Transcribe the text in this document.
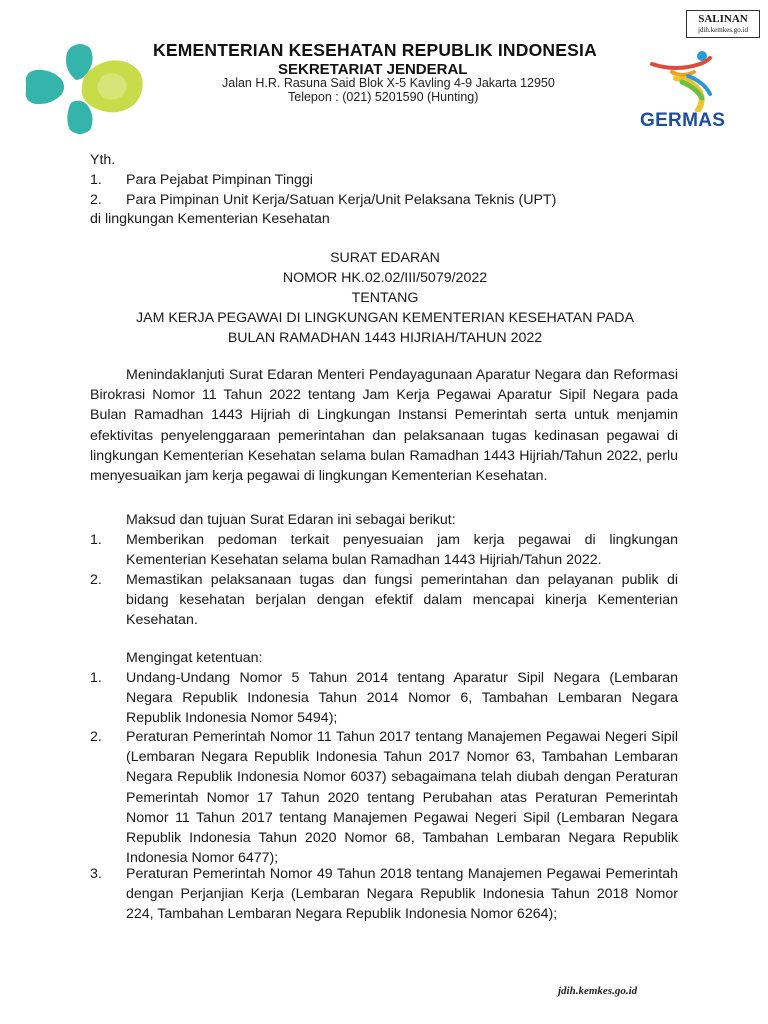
KEMENTERIAN KESEHATAN REPUBLIK INDONESIA
SEKRETARIAT JENDERAL
Jalan H.R. Rasuna Said Blok X-5 Kavling 4-9 Jakarta 12950
Telepon : (021) 5201590 (Hunting)
SALINAN
jdih.kemkes.go.id
GERMAS
Yth.
1. Para Pejabat Pimpinan Tinggi
2. Para Pimpinan Unit Kerja/Satuan Kerja/Unit Pelaksana Teknis (UPT)
di lingkungan Kementerian Kesehatan
SURAT EDARAN
NOMOR HK.02.02/III/5079/2022
TENTANG
JAM KERJA PEGAWAI DI LINGKUNGAN KEMENTERIAN KESEHATAN PADA
BULAN RAMADHAN 1443 HIJRIAH/TAHUN 2022
Menindaklanjuti Surat Edaran Menteri Pendayagunaan Aparatur Negara dan Reformasi Birokrasi Nomor 11 Tahun 2022 tentang Jam Kerja Pegawai Aparatur Sipil Negara pada Bulan Ramadhan 1443 Hijriah di Lingkungan Instansi Pemerintah serta untuk menjamin efektivitas penyelenggaraan pemerintahan dan pelaksanaan tugas kedinasan pegawai di lingkungan Kementerian Kesehatan selama bulan Ramadhan 1443 Hijriah/Tahun 2022, perlu menyesuaikan jam kerja pegawai di lingkungan Kementerian Kesehatan.
Maksud dan tujuan Surat Edaran ini sebagai berikut:
1. Memberikan pedoman terkait penyesuaian jam kerja pegawai di lingkungan Kementerian Kesehatan selama bulan Ramadhan 1443 Hijriah/Tahun 2022.
2. Memastikan pelaksanaan tugas dan fungsi pemerintahan dan pelayanan publik di bidang kesehatan berjalan dengan efektif dalam mencapai kinerja Kementerian Kesehatan.
Mengingat ketentuan:
1. Undang-Undang Nomor 5 Tahun 2014 tentang Aparatur Sipil Negara (Lembaran Negara Republik Indonesia Tahun 2014 Nomor 6, Tambahan Lembaran Negara Republik Indonesia Nomor 5494);
2. Peraturan Pemerintah Nomor 11 Tahun 2017 tentang Manajemen Pegawai Negeri Sipil (Lembaran Negara Republik Indonesia Tahun 2017 Nomor 63, Tambahan Lembaran Negara Republik Indonesia Nomor 6037) sebagaimana telah diubah dengan Peraturan Pemerintah Nomor 17 Tahun 2020 tentang Perubahan atas Peraturan Pemerintah Nomor 11 Tahun 2017 tentang Manajemen Pegawai Negeri Sipil (Lembaran Negara Republik Indonesia Tahun 2020 Nomor 68, Tambahan Lembaran Negara Republik Indonesia Nomor 6477);
3. Peraturan Pemerintah Nomor 49 Tahun 2018 tentang Manajemen Pegawai Pemerintah dengan Perjanjian Kerja (Lembaran Negara Republik Indonesia Tahun 2018 Nomor 224, Tambahan Lembaran Negara Republik Indonesia Nomor 6264);
jdih.kemkes.go.id
